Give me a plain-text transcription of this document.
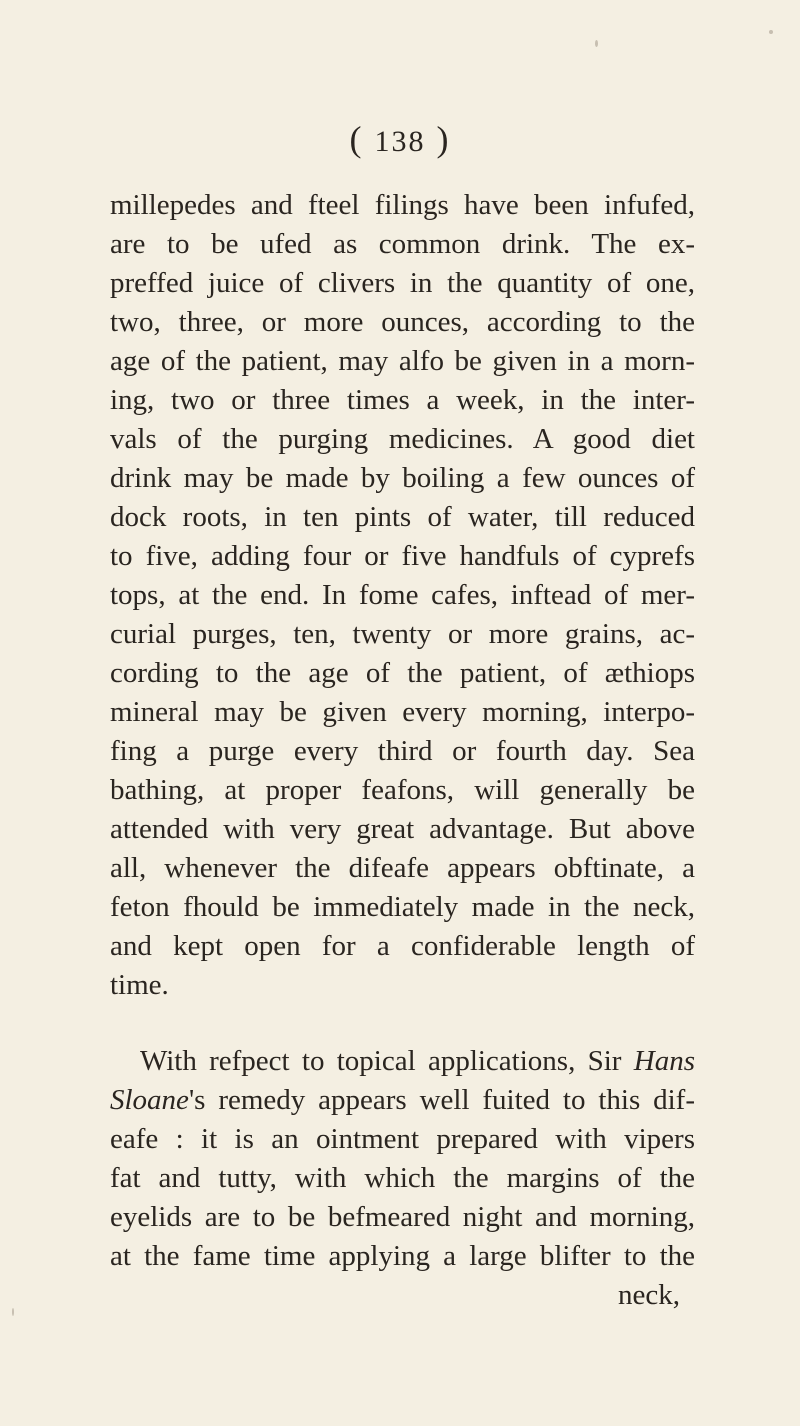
( 138 )
millepedes and fteel filings have been infufed,
are to be ufed as common drink. The ex-
preffed juice of clivers in the quantity of one,
two, three, or more ounces, according to the
age of the patient, may alfo be given in a morn-
ing, two or three times a week, in the inter-
vals of the purging medicines. A good diet
drink may be made by boiling a few ounces of
dock roots, in ten pints of water, till reduced
to five, adding four or five handfuls of cyprefs
tops, at the end. In fome cafes, inftead of mer-
curial purges, ten, twenty or more grains, ac-
cording to the age of the patient, of æthiops
mineral may be given every morning, interpo-
fing a purge every third or fourth day. Sea
bathing, at proper feafons, will generally be
attended with very great advantage. But above
all, whenever the difeafe appears obftinate, a
feton fhould be immediately made in the neck,
and kept open for a confiderable length of
time.
With refpect to topical applications, Sir Hans
Sloane's remedy appears well fuited to this dif-
eafe : it is an ointment prepared with vipers
fat and tutty, with which the margins of the
eyelids are to be befmeared night and morning,
at the fame time applying a large blifter to the
neck,
